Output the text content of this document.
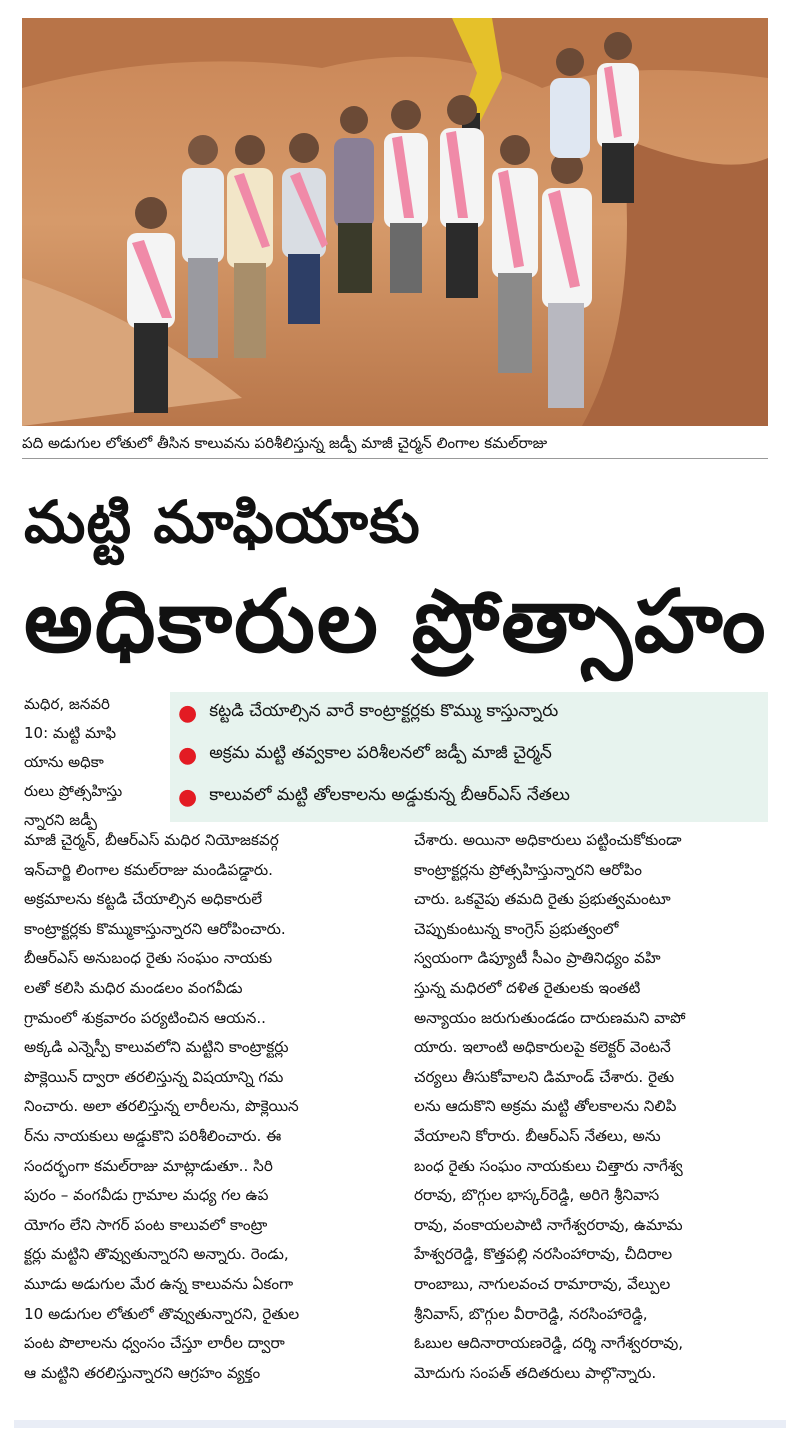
పది అడుగుల లోతులో తీసిన కాలువను పరిశీలిస్తున్న జడ్పీ మాజీ చైర్మన్ లింగాల కమల్‌రాజు
మట్టి మాఫియాకు
అధికారుల ప్రోత్సాహం
మధిర, జనవరి
10: మట్టి మాఫి
యాను అధికా
రులు ప్రోత్సహిస్తు
న్నారని జడ్పీ
● కట్టడి చేయాల్సిన వారే కాంట్రాక్టర్లకు కొమ్ము కాస్తున్నారు
● అక్రమ మట్టి తవ్వకాల పరిశీలనలో జడ్పీ మాజీ చైర్మన్
● కాలువలో మట్టి తోలకాలను అడ్డుకున్న బీఆర్ఎస్ నేతలు

మాజీ చైర్మన్, బీఆర్ఎస్ మధిర నియోజకవర్గ

ఇన్‌చార్జి లింగాల కమల్‌రాజు మండిపడ్డారు.

అక్రమాలను కట్టడి చేయాల్సిన అధికారులే

కాంట్రాక్టర్లకు కొమ్ముకాస్తున్నారని ఆరోపించారు.

బీఆర్ఎస్ అనుబంధ రైతు సంఘం నాయకు

లతో కలిసి మధిర మండలం వంగవీడు

గ్రామంలో శుక్రవారం పర్యటించిన ఆయన..

అక్కడి ఎన్నెస్పీ కాలువలోని మట్టిని కాంట్రాక్టర్లు

పొక్లెయిన్ ద్వారా తరలిస్తున్న విషయాన్ని గమ

నించారు. అలా తరలిస్తున్న లారీలను, పొక్లెయిన

ర్‌ను నాయకులు అడ్డుకొని పరిశీలించారు. ఈ

సందర్భంగా కమల్‌రాజు మాట్లాడుతూ.. సిరి

పురం – వంగవీడు గ్రామాల మధ్య గల ఉప

యోగం లేని సాగర్ పంట కాలువలో కాంట్రా

క్టర్లు మట్టిని తొవ్వుతున్నారని అన్నారు. రెండు,

మూడు అడుగుల మేర ఉన్న కాలువను ఏకంగా

10 అడుగుల లోతులో తొవ్వుతున్నారని, రైతుల

పంట పొలాలను ధ్వంసం చేస్తూ లారీల ద్వారా

ఆ మట్టిని తరలిస్తున్నారని ఆగ్రహం వ్యక్తం

చేశారు. అయినా అధికారులు పట్టించుకోకుండా

కాంట్రాక్టర్లను ప్రోత్సహిస్తున్నారని ఆరోపిం

చారు. ఒకవైపు తమది రైతు ప్రభుత్వమంటూ

చెప్పుకుంటున్న కాంగ్రెస్ ప్రభుత్వంలో

స్వయంగా డిప్యూటీ సీఎం ప్రాతినిధ్యం వహి

స్తున్న మధిరలో దళిత రైతులకు ఇంతటి

అన్యాయం జరుగుతుండడం దారుణమని వాపో

యారు. ఇలాంటి అధికారులపై కలెక్టర్ వెంటనే

చర్యలు తీసుకోవాలని డిమాండ్ చేశారు. రైతు

లను ఆదుకొని అక్రమ మట్టి తోలకాలను నిలిపి

వేయాలని కోరారు. బీఆర్ఎస్ నేతలు, అను

బంధ రైతు సంఘం నాయకులు చిత్తారు నాగేశ్వ

రరావు, బొగ్గుల భాస్కర్‌రెడ్డి, అరిగె శ్రీనివాస

రావు, వంకాయలపాటి నాగేశ్వరరావు, ఉమామ

హేశ్వరరెడ్డి, కొత్తపల్లి నరసింహారావు, చీదిరాల

రాంబాబు, నాగులవంచ రామారావు, వేల్పుల

శ్రీనివాస్, బొగ్గుల వీరారెడ్డి, నరసింహారెడ్డి,

ఓబుల ఆదినారాయణరెడ్డి, దర్శి నాగేశ్వరరావు,

మోదుగు సంపత్ తదితరులు పాల్గొన్నారు.
